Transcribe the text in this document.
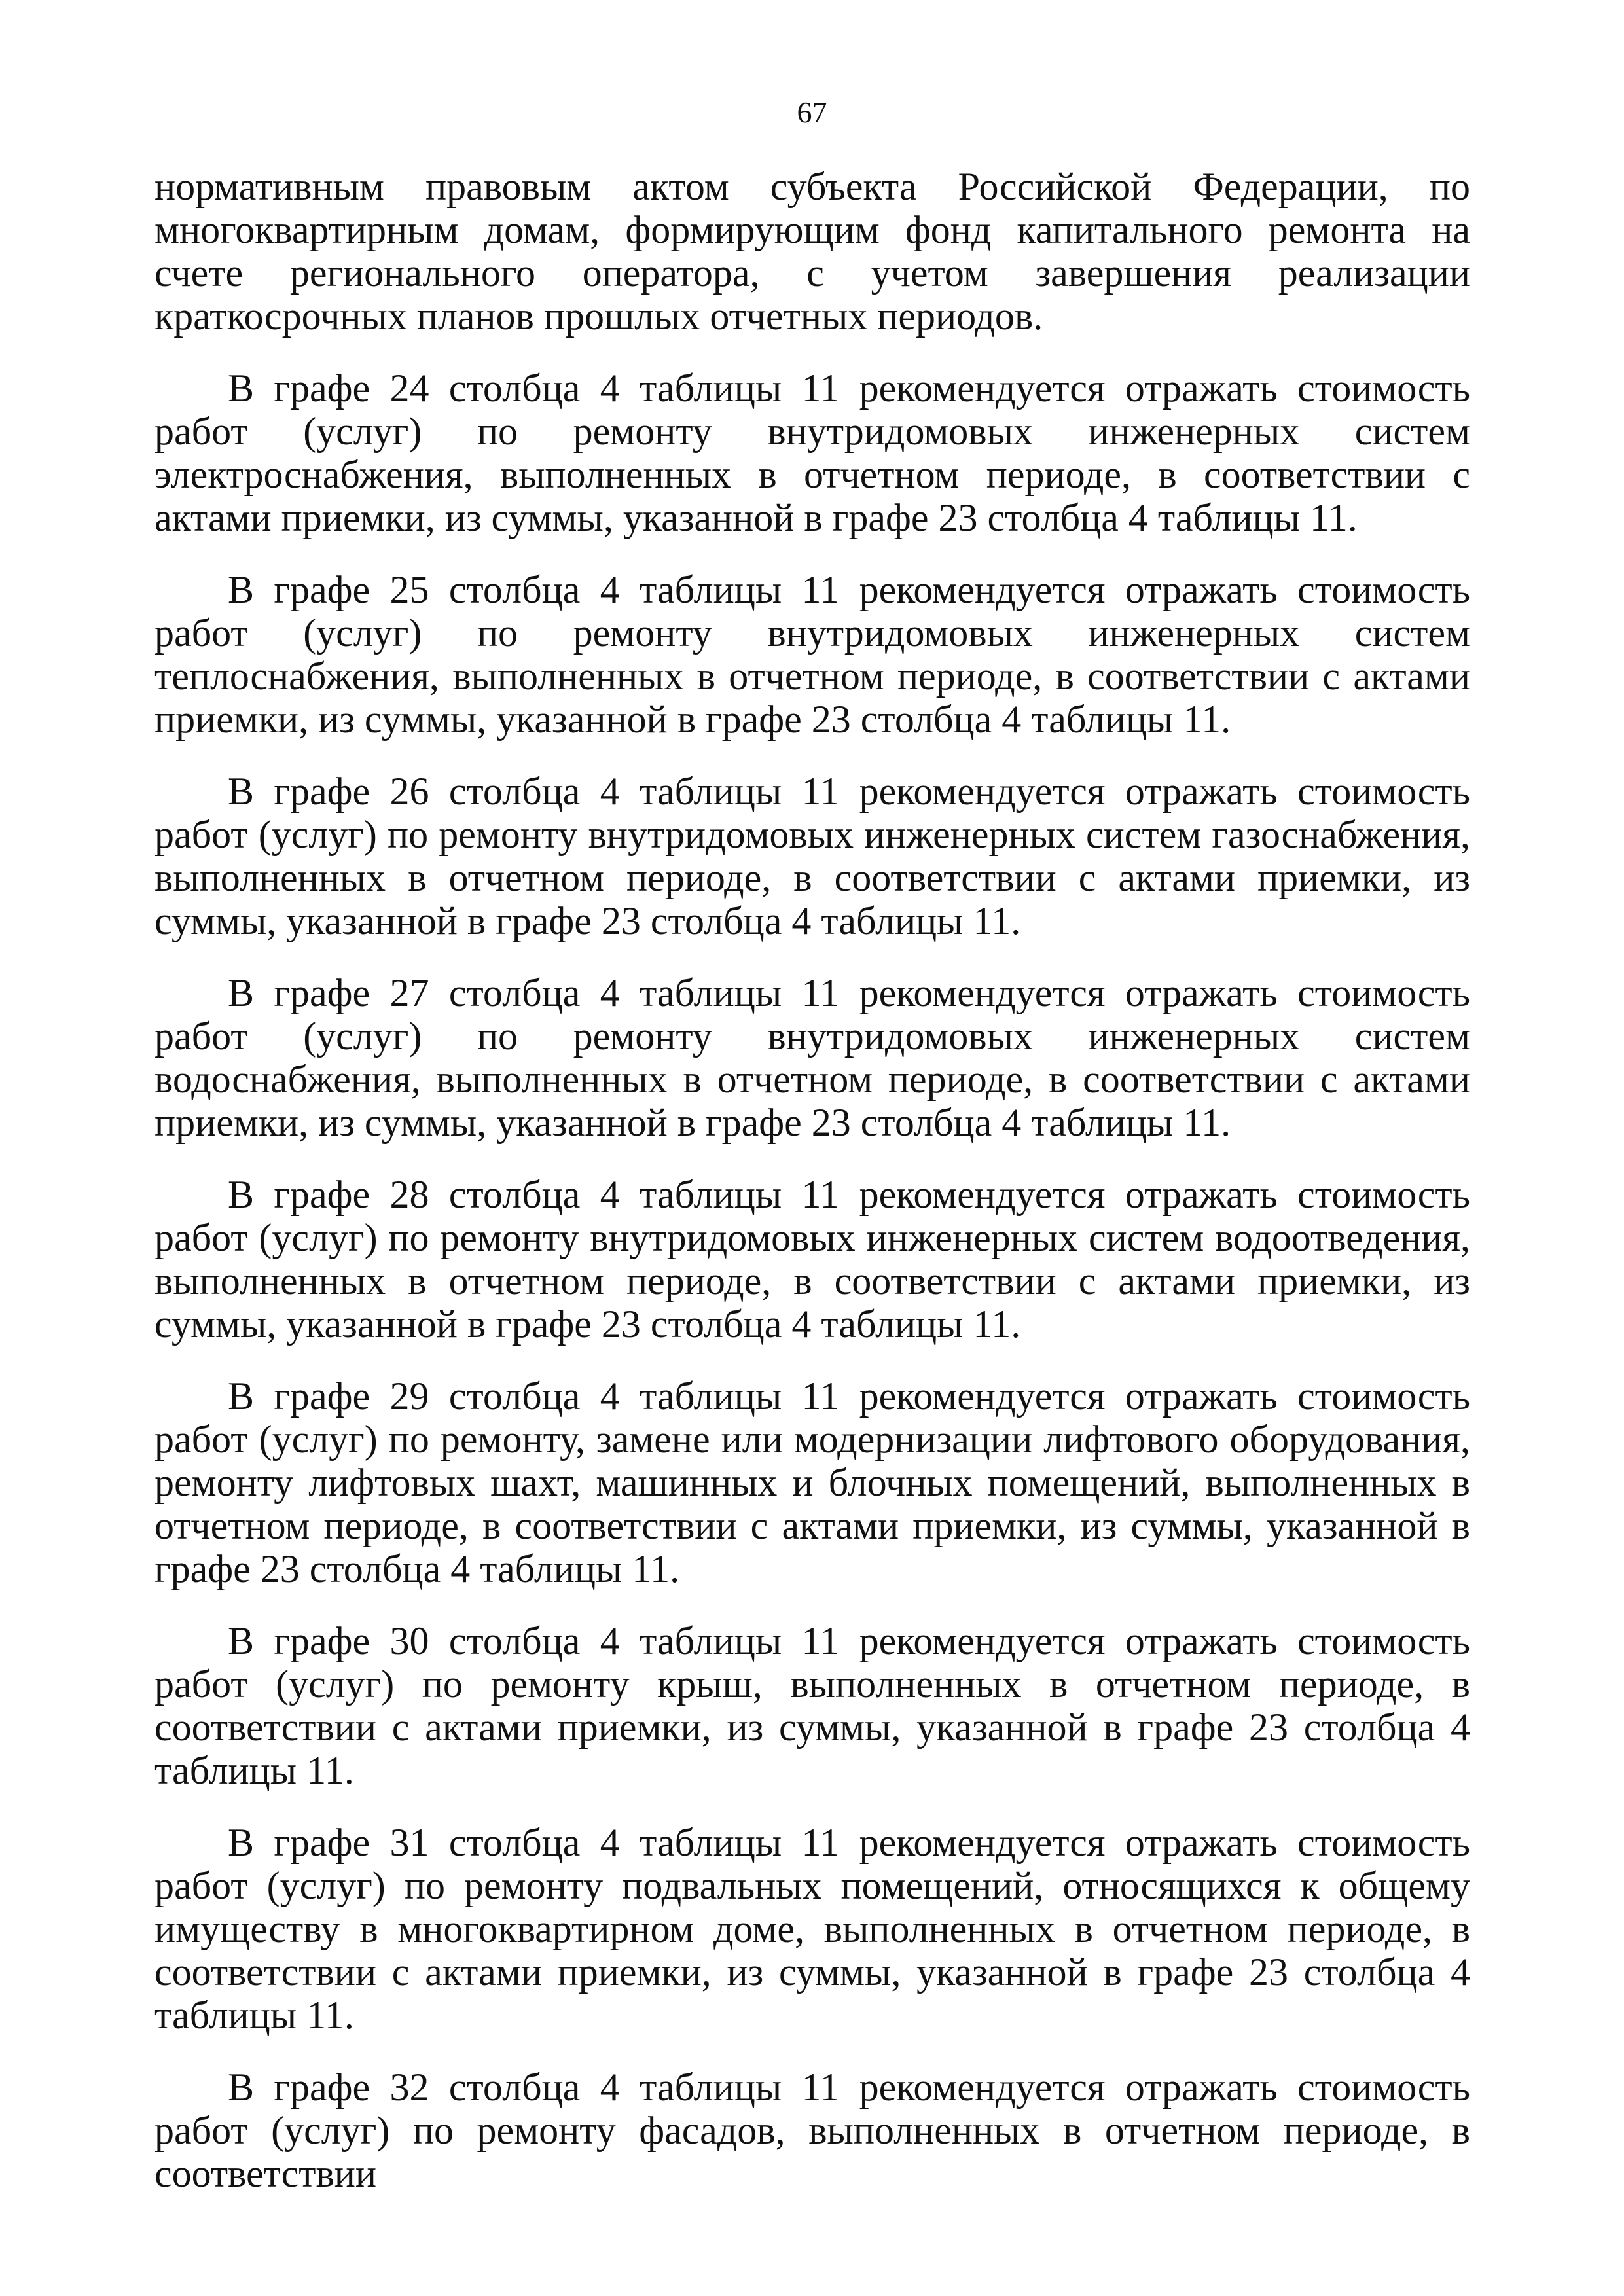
67

нормативным правовым актом субъекта Российской Федерации, по многоквартирным домам, формирующим фонд капитального ремонта на счете регионального оператора, с учетом завершения реализации краткосрочных планов прошлых отчетных периодов.

В графе 24 столбца 4 таблицы 11 рекомендуется отражать стоимость работ (услуг) по ремонту внутридомовых инженерных систем электроснабжения, выполненных в отчетном периоде, в соответствии с актами приемки, из суммы, указанной в графе 23 столбца 4 таблицы 11.

В графе 25 столбца 4 таблицы 11 рекомендуется отражать стоимость работ (услуг) по ремонту внутридомовых инженерных систем теплоснабжения, выполненных в отчетном периоде, в соответствии с актами приемки, из суммы, указанной в графе 23 столбца 4 таблицы 11.

В графе 26 столбца 4 таблицы 11 рекомендуется отражать стоимость работ (услуг) по ремонту внутридомовых инженерных систем газоснабжения, выполненных в отчетном периоде, в соответствии с актами приемки, из суммы, указанной в графе 23 столбца 4 таблицы 11.

В графе 27 столбца 4 таблицы 11 рекомендуется отражать стоимость работ (услуг) по ремонту внутридомовых инженерных систем водоснабжения, выполненных в отчетном периоде, в соответствии с актами приемки, из суммы, указанной в графе 23 столбца 4 таблицы 11.

В графе 28 столбца 4 таблицы 11 рекомендуется отражать стоимость работ (услуг) по ремонту внутридомовых инженерных систем водоотведения, выполненных в отчетном периоде, в соответствии с актами приемки, из суммы, указанной в графе 23 столбца 4 таблицы 11.

В графе 29 столбца 4 таблицы 11 рекомендуется отражать стоимость работ (услуг) по ремонту, замене или модернизации лифтового оборудования, ремонту лифтовых шахт, машинных и блочных помещений, выполненных в отчетном периоде, в соответствии с актами приемки, из суммы, указанной в графе 23 столбца 4 таблицы 11.

В графе 30 столбца 4 таблицы 11 рекомендуется отражать стоимость работ (услуг) по ремонту крыш, выполненных в отчетном периоде, в соответствии с актами приемки, из суммы, указанной в графе 23 столбца 4 таблицы 11.

В графе 31 столбца 4 таблицы 11 рекомендуется отражать стоимость работ (услуг) по ремонту подвальных помещений, относящихся к общему имуществу в многоквартирном доме, выполненных в отчетном периоде, в соответствии с актами приемки, из суммы, указанной в графе 23 столбца 4 таблицы 11.

В графе 32 столбца 4 таблицы 11 рекомендуется отражать стоимость работ (услуг) по ремонту фасадов, выполненных в отчетном периоде, в соответствии
